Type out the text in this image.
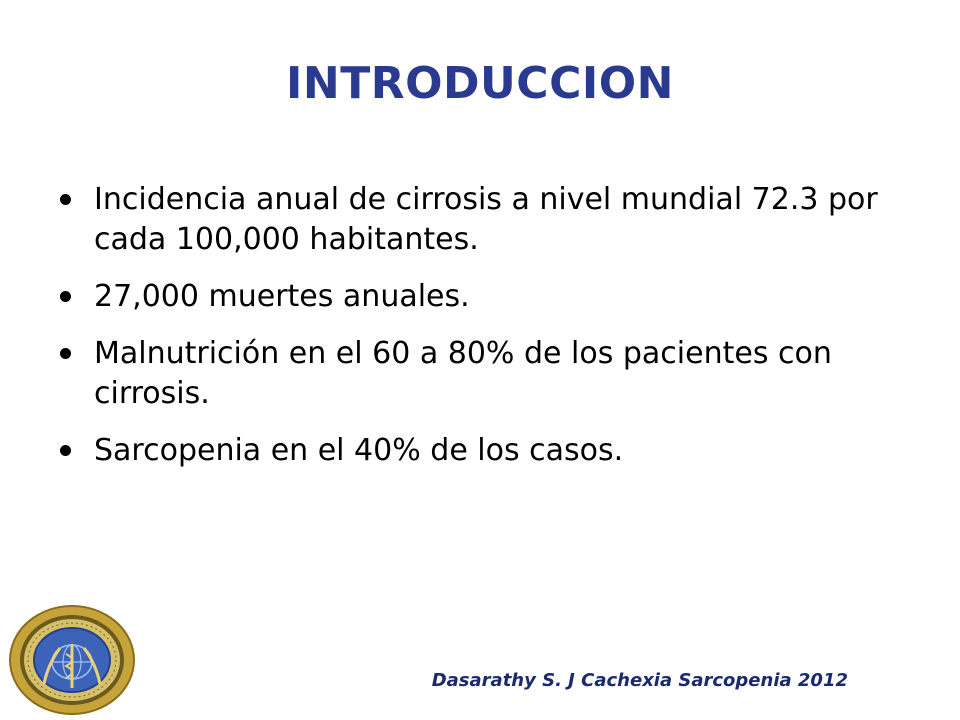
INTRODUCCION
Incidencia anual de cirrosis a nivel mundial 72.3 por cada 100,000 habitantes.
27,000 muertes anuales.
Malnutrición en el 60 a 80% de los pacientes con cirrosis.
Sarcopenia en el 40% de los casos.
Dasarathy S. J Cachexia Sarcopenia 2012
